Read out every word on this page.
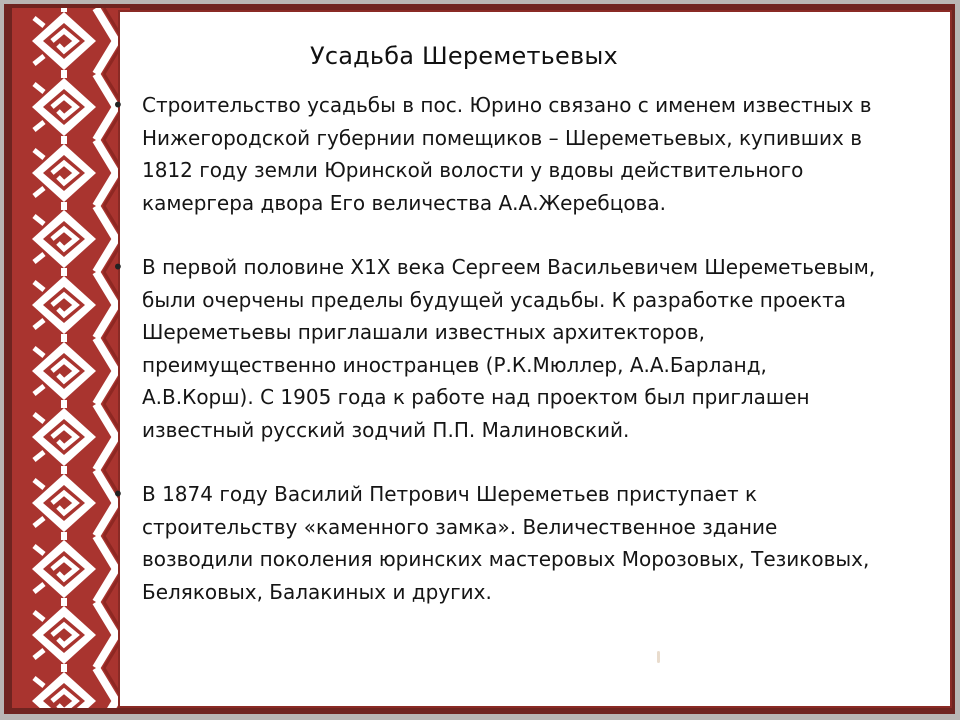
Усадьба Шереметьевых
• Строительство усадьбы в пос. Юрино связано с именем известных в
Нижегородской губернии помещиков – Шереметьевых, купивших в
1812 году земли Юринской волости у вдовы действительного
камергера двора Его величества А.А.Жеребцова.
• В первой половине Х1Х века Сергеем Васильевичем Шереметьевым,
были очерчены пределы будущей усадьбы. К разработке проекта
Шереметьевы приглашали известных архитекторов,
преимущественно иностранцев (Р.К.Мюллер, А.А.Барланд,
А.В.Корш). С 1905 года к работе над проектом был приглашен
известный русский зодчий П.П. Малиновский.
• В 1874 году Василий Петрович Шереметьев приступает к
строительству «каменного замка». Величественное здание
возводили поколения юринских мастеровых Морозовых, Тезиковых,
Беляковых, Балакиных и других.
